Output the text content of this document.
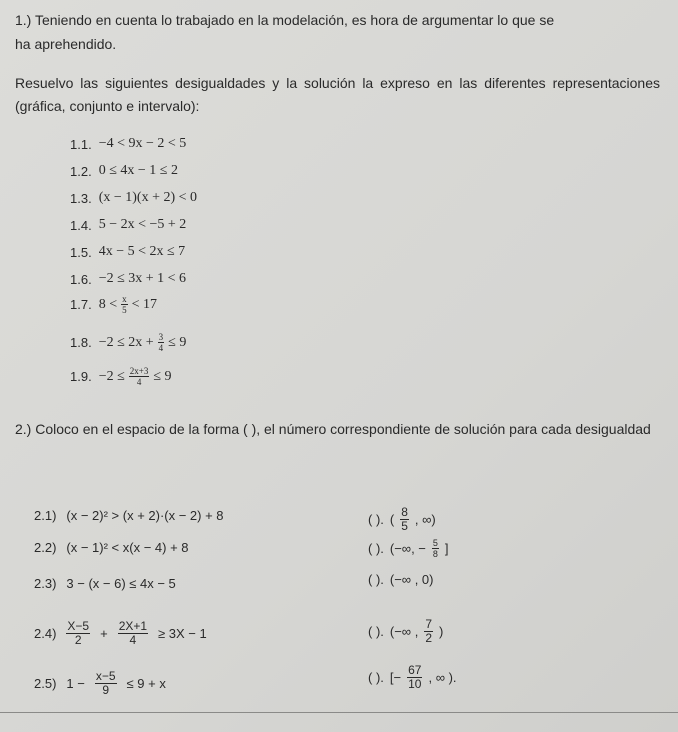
1.) Teniendo en cuenta lo trabajado en la modelación, es hora de argumentar lo que se
ha aprehendido.
Resuelvo las siguientes desigualdades y la solución la expreso en las diferentes representaciones (gráfica, conjunto e intervalo):
1.1. −4 < 9x − 2 < 5
1.2. 0 ≤ 4x − 1 ≤ 2
1.3. (x − 1)(x + 2) < 0
1.4. 5 − 2x < −5 + 2
1.5. 4x − 5 < 2x ≤ 7
1.6. −2 ≤ 3x + 1 < 6
1.7. $8 < \frac{x}{5} < 17$
1.8. $-2 \le 2x + \frac{3}{4} \le 9$
1.9. $-2 \le \frac{2x+3}{4} \le 9$
2.) Coloco en el espacio de la forma ( ), el número correspondiente de solución para cada desigualdad
2.1) (x − 2)² > (x + 2)·(x − 2) + 8
2.2) (x − 1)² < x(x − 4) + 8
2.3) 3 − (x − 6) ≤ 4x − 5
$2.4) \frac{X-5}{2} + \frac{2X+1}{4} \ge 3X - 1$
2.5) $1 - \frac{x-5}{9} \le 9 + x$
( ). ( $\frac{8}{5}$ , ∞)
( ). (−∞, − $\frac{5}{8}$ ]
( ). (−∞ , 0)
( ). (−∞ , $\frac{7}{2}$ )
( ). [− $\frac{67}{10}$ , ∞ ).
